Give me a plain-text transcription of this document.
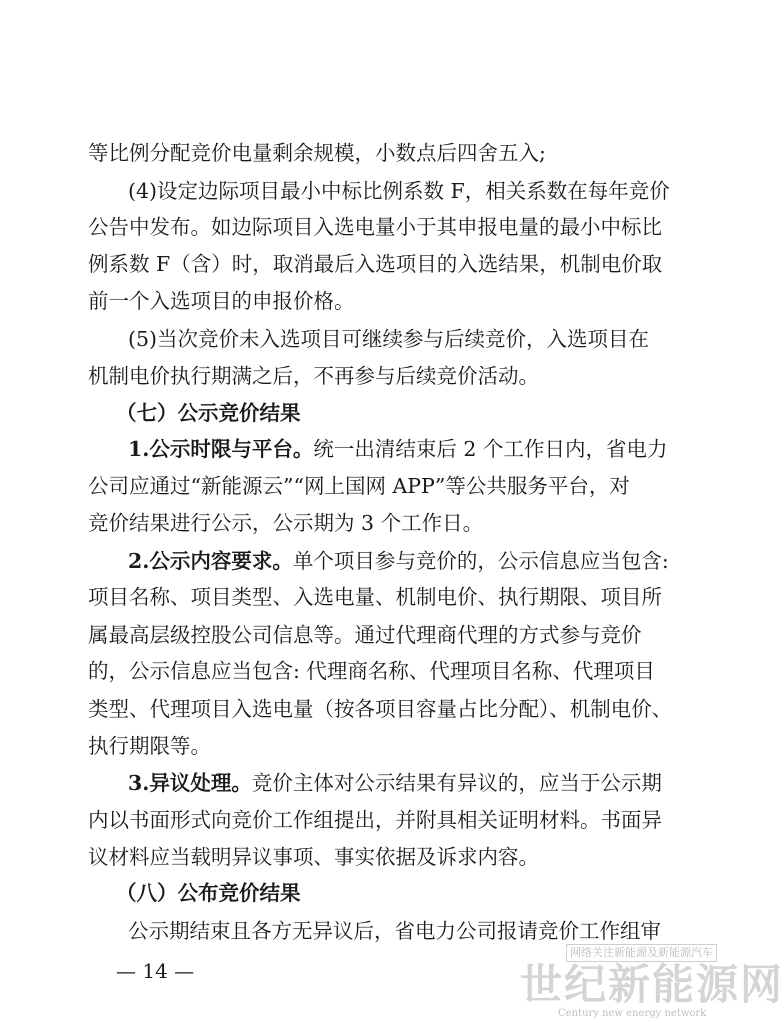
等比例分配竞价电量剩余规模，小数点后四舍五入;
(4)设定边际项目最小中标比例系数 F，相关系数在每年竞价
公告中发布。如边际项目入选电量小于其申报电量的最小中标比
例系数 F（含）时，取消最后入选项目的入选结果，机制电价取
前一个入选项目的申报价格。
(5)当次竞价未入选项目可继续参与后续竞价，入选项目在
机制电价执行期满之后，不再参与后续竞价活动。
（七）公示竞价结果
1.公示时限与平台。统一出清结束后 2 个工作日内，省电力
公司应通过“新能源云”“网上国网 APP”等公共服务平台，对
竞价结果进行公示，公示期为 3 个工作日。
2.公示内容要求。单个项目参与竞价的，公示信息应当包含:
项目名称、项目类型、入选电量、机制电价、执行期限、项目所
属最高层级控股公司信息等。通过代理商代理的方式参与竞价
的，公示信息应当包含: 代理商名称、代理项目名称、代理项目
类型、代理项目入选电量（按各项目容量占比分配）、机制电价、
执行期限等。
3.异议处理。竞价主体对公示结果有异议的，应当于公示期
内以书面形式向竞价工作组提出，并附具相关证明材料。书面异
议材料应当载明异议事项、事实依据及诉求内容。
（八）公布竞价结果
公示期结束且各方无异议后，省电力公司报请竞价工作组审
— 14 —
网络关注新能源及新能源汽车
世纪新能源网
Century new energy network
